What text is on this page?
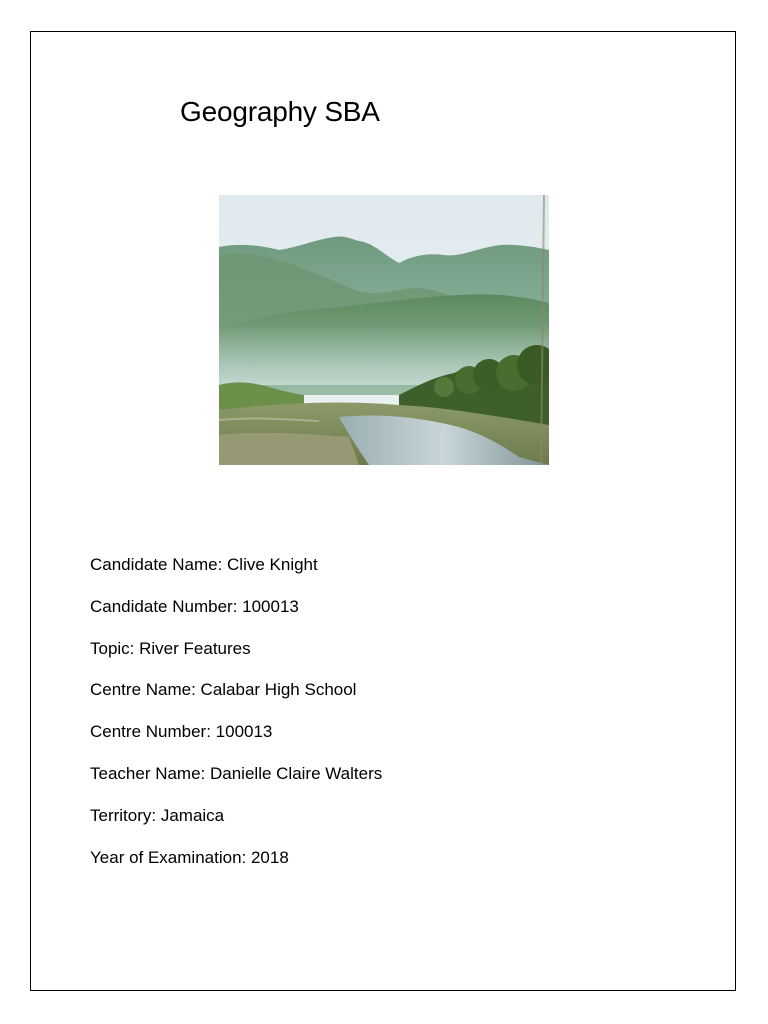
Geography SBA
Candidate Name: Clive Knight
Candidate Number: 100013
Topic: River Features
Centre Name: Calabar High School
Centre Number: 100013
Teacher Name: Danielle Claire Walters
Territory: Jamaica
Year of Examination: 2018
